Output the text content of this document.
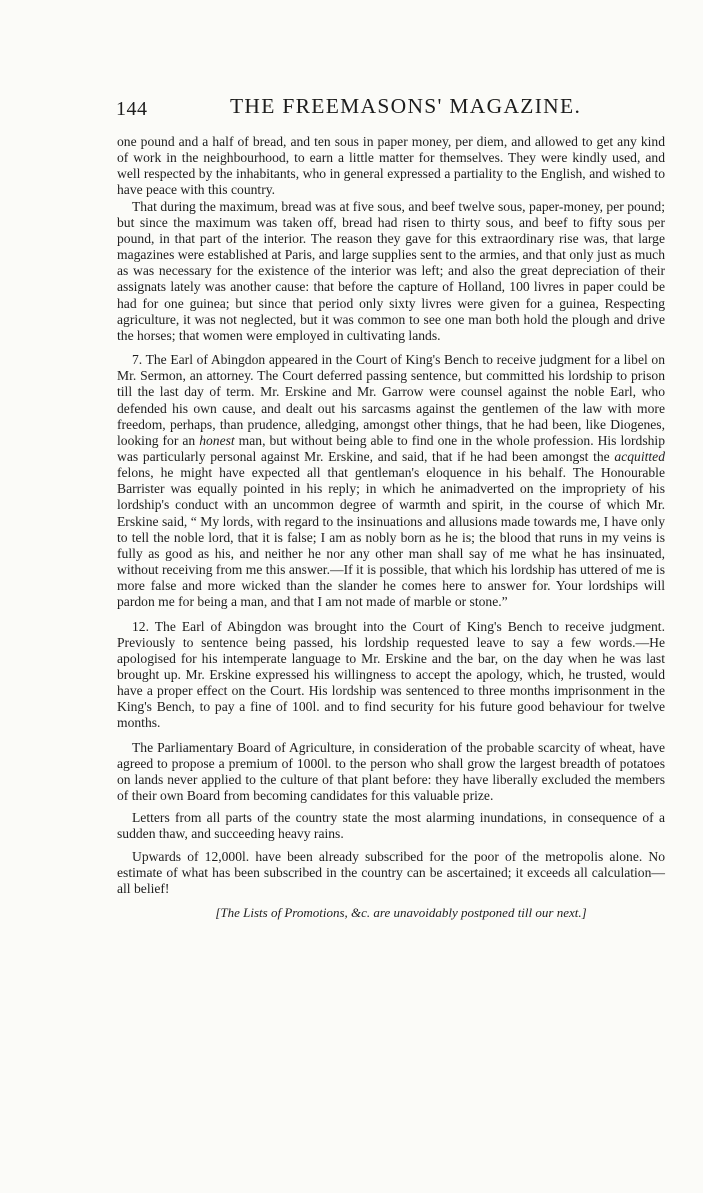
144	THE FREEMASONS' MAGAZINE.

one pound and a half of bread, and ten sous in paper money, per diem, and allowed to get any kind of work in the neighbourhood, to earn a little matter for themselves. They were kindly used, and well respected by the inhabitants, who in general expressed a partiality to the English, and wished to have peace with this country.

That during the maximum, bread was at five sous, and beef twelve sous, paper-money, per pound; but since the maximum was taken off, bread had risen to thirty sous, and beef to fifty sous per pound, in that part of the interior. The reason they gave for this extraordinary rise was, that large magazines were established at Paris, and large supplies sent to the armies, and that only just as much as was necessary for the existence of the interior was left; and also the great depreciation of their assignats lately was another cause: that before the capture of Holland, 100 livres in paper could be had for one guinea; but since that period only sixty livres were given for a guinea, Respecting agriculture, it was not neglected, but it was common to see one man both hold the plough and drive the horses; that women were employed in cultivating lands.

7. The Earl of Abingdon appeared in the Court of King's Bench to receive judgment for a libel on Mr. Sermon, an attorney. The Court deferred passing sentence, but committed his lordship to prison till the last day of term. Mr. Erskine and Mr. Garrow were counsel against the noble Earl, who defended his own cause, and dealt out his sarcasms against the gentlemen of the law with more freedom, perhaps, than prudence, alledging, amongst other things, that he had been, like Diogenes, looking for an honest man, but without being able to find one in the whole profession. His lordship was particularly personal against Mr. Erskine, and said, that if he had been amongst the acquitted felons, he might have expected all that gentleman's eloquence in his behalf. The Honourable Barrister was equally pointed in his reply; in which he animadverted on the impropriety of his lordship's conduct with an uncommon degree of warmth and spirit, in the course of which Mr. Erskine said, “ My lords, with regard to the insinuations and allusions made towards me, I have only to tell the noble lord, that it is false; I am as nobly born as he is; the blood that runs in my veins is fully as good as his, and neither he nor any other man shall say of me what he has insinuated, without receiving from me this answer.—If it is possible, that which his lordship has uttered of me is more false and more wicked than the slander he comes here to answer for. Your lordships will pardon me for being a man, and that I am not made of marble or stone.”

12. The Earl of Abingdon was brought into the Court of King's Bench to receive judgment. Previously to sentence being passed, his lordship requested leave to say a few words.—He apologised for his intemperate language to Mr. Erskine and the bar, on the day when he was last brought up. Mr. Erskine expressed his willingness to accept the apology, which, he trusted, would have a proper effect on the Court. His lordship was sentenced to three months imprisonment in the King's Bench, to pay a fine of 100l. and to find security for his future good behaviour for twelve months.

The Parliamentary Board of Agriculture, in consideration of the probable scarcity of wheat, have agreed to propose a premium of 1000l. to the person who shall grow the largest breadth of potatoes on lands never applied to the culture of that plant before: they have liberally excluded the members of their own Board from becoming candidates for this valuable prize.

Letters from all parts of the country state the most alarming inundations, in consequence of a sudden thaw, and succeeding heavy rains.

Upwards of 12,000l. have been already subscribed for the poor of the metropolis alone. No estimate of what has been subscribed in the country can be ascertained; it exceeds all calculation—all belief!

[The Lists of Promotions, &c. are unavoidably postponed till our next.]
